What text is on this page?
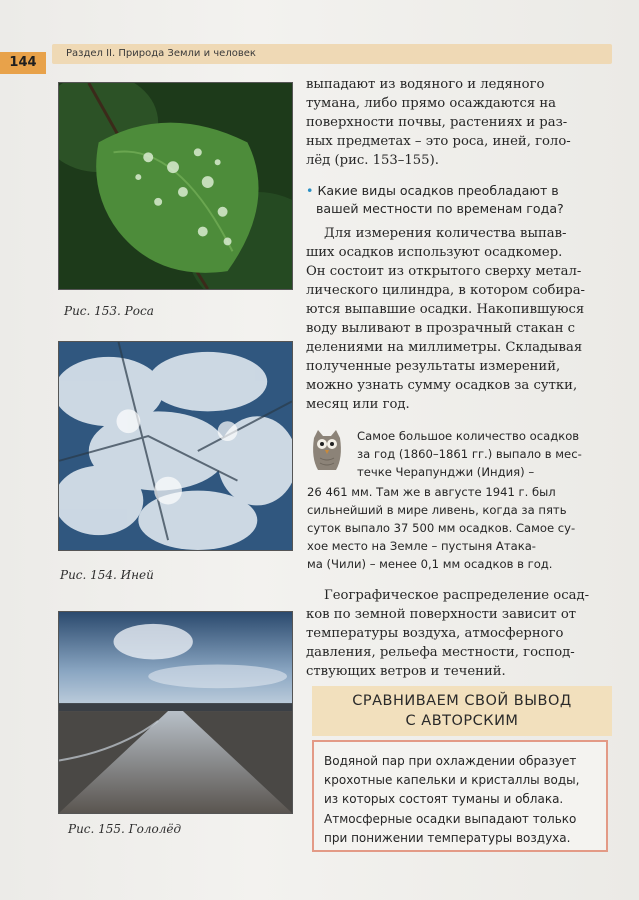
144
Раздел II. Природа Земли и человек
Рис. 153. Роса
Рис. 154. Иней
Рис. 155. Гололёд
выпадают из водяного и ледяного
тумана, либо прямо осаждаются на
поверхности почвы, растениях и раз-
ных предметах – это роса, иней, голо-
лёд (рис. 153–155).
• Какие виды осадков преобладают в
вашей местности по временам года?
Для измерения количества выпав-
ших осадков используют осадкомер.
Он состоит из открытого сверху метал-
лического цилиндра, в котором собира-
ются выпавшие осадки. Накопившуюся
воду выливают в прозрачный стакан с
делениями на миллиметры. Складывая
полученные результаты измерений,
можно узнать сумму осадков за сутки,
месяц или год.
Самое большое количество осадков
за год (1860–1861 гг.) выпало в мес-
течке Черапунджи (Индия) –
26 461 мм. Там же в августе 1941 г. был
сильнейший в мире ливень, когда за пять
суток выпало 37 500 мм осадков. Самое су-
хое место на Земле – пустыня Атака-
ма (Чили) – менее 0,1 мм осадков в год.
Географическое распределение осад-
ков по земной поверхности зависит от
температуры воздуха, атмосферного
давления, рельефа местности, господ-
ствующих ветров и течений.
СРАВНИВАЕМ СВОЙ ВЫВОД
С АВТОРСКИМ
Водяной пар при охлаждении образует
крохотные капельки и кристаллы воды,
из которых состоят туманы и облака.
Атмосферные осадки выпадают только
при понижении температуры воздуха.
